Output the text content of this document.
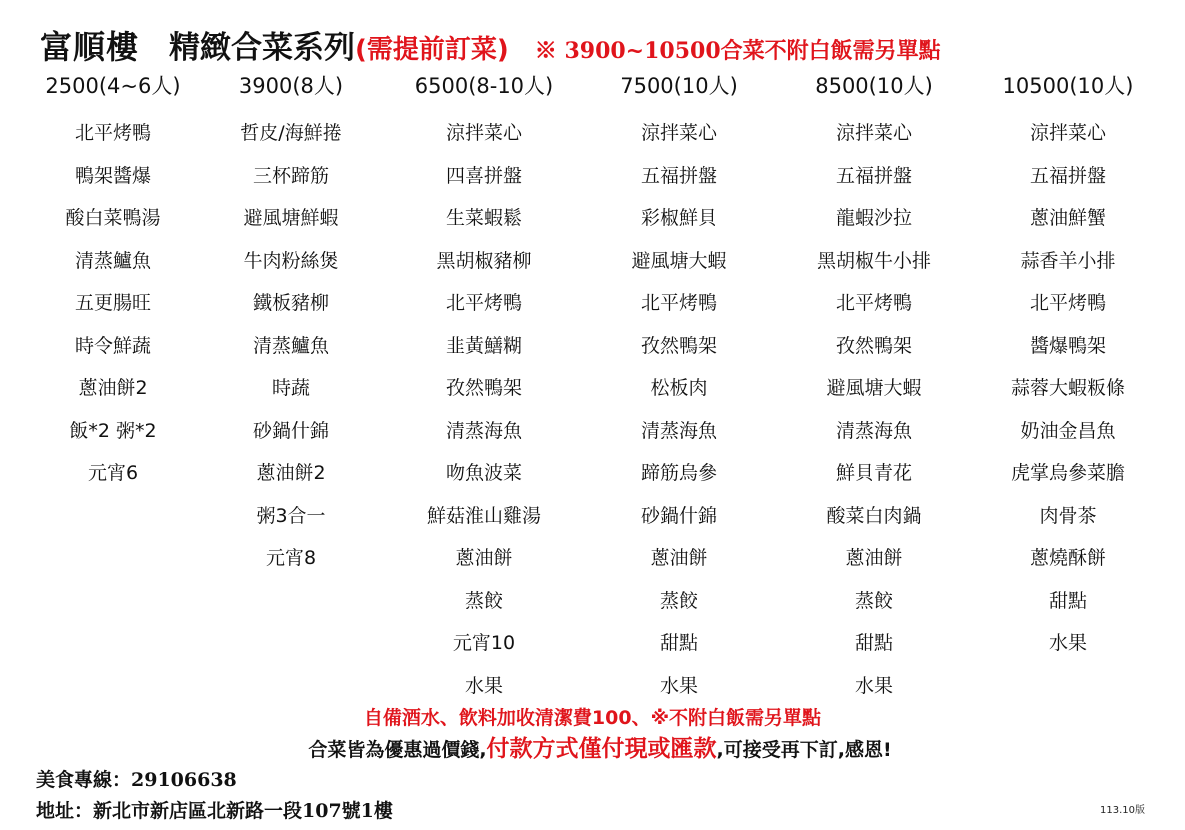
富順樓 精緻合菜系列 (需提前訂菜) ※ 3900~10500合菜不附白飯需另單點
2500(4~6人)
北平烤鴨
鴨架醬爆
酸白菜鴨湯
清蒸鱸魚
五更腸旺
時令鮮蔬
蔥油餅2
飯*2 粥*2
元宵6
3900(8人)
哲皮/海鮮捲
三杯蹄筋
避風塘鮮蝦
牛肉粉絲煲
鐵板豬柳
清蒸鱸魚
時蔬
砂鍋什錦
蔥油餅2
粥3合一
元宵8
6500(8-10人)
涼拌菜心
四喜拼盤
生菜蝦鬆
黑胡椒豬柳
北平烤鴨
韭黃鱔糊
孜然鴨架
清蒸海魚
吻魚波菜
鮮菇淮山雞湯
蔥油餅
蒸餃
元宵10
水果
7500(10人)
涼拌菜心
五福拼盤
彩椒鮮貝
避風塘大蝦
北平烤鴨
孜然鴨架
松板肉
清蒸海魚
蹄筋烏參
砂鍋什錦
蔥油餅
蒸餃
甜點
水果
8500(10人)
涼拌菜心
五福拼盤
龍蝦沙拉
黑胡椒牛小排
北平烤鴨
孜然鴨架
避風塘大蝦
清蒸海魚
鮮貝青花
酸菜白肉鍋
蔥油餅
蒸餃
甜點
水果
10500(10人)
涼拌菜心
五福拼盤
蔥油鮮蟹
蒜香羊小排
北平烤鴨
醬爆鴨架
蒜蓉大蝦粄條
奶油金昌魚
虎掌烏參菜膽
肉骨茶
蔥燒酥餅
甜點
水果
自備酒水、飲料加收清潔費100、※不附白飯需另單點
合菜皆為優惠過價錢,付款方式僅付現或匯款,可接受再下訂,感恩!
美食專線：29106638
地址：新北市新店區北新路一段107號1樓	113.10版
